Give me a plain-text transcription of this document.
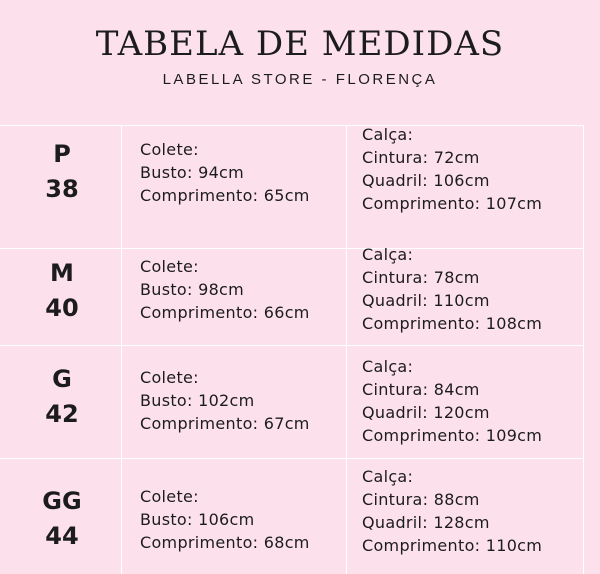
TABELA DE MEDIDAS
LABELLA STORE - FLORENÇA
P
38
Colete:
Busto: 94cm
Comprimento: 65cm
Calça:
Cintura: 72cm
Quadril: 106cm
Comprimento: 107cm
M
40
Colete:
Busto: 98cm
Comprimento: 66cm
Calça:
Cintura: 78cm
Quadril: 110cm
Comprimento: 108cm
G
42
Colete:
Busto: 102cm
Comprimento: 67cm
Calça:
Cintura: 84cm
Quadril: 120cm
Comprimento: 109cm
GG
44
Colete:
Busto: 106cm
Comprimento: 68cm
Calça:
Cintura: 88cm
Quadril: 128cm
Comprimento: 110cm
